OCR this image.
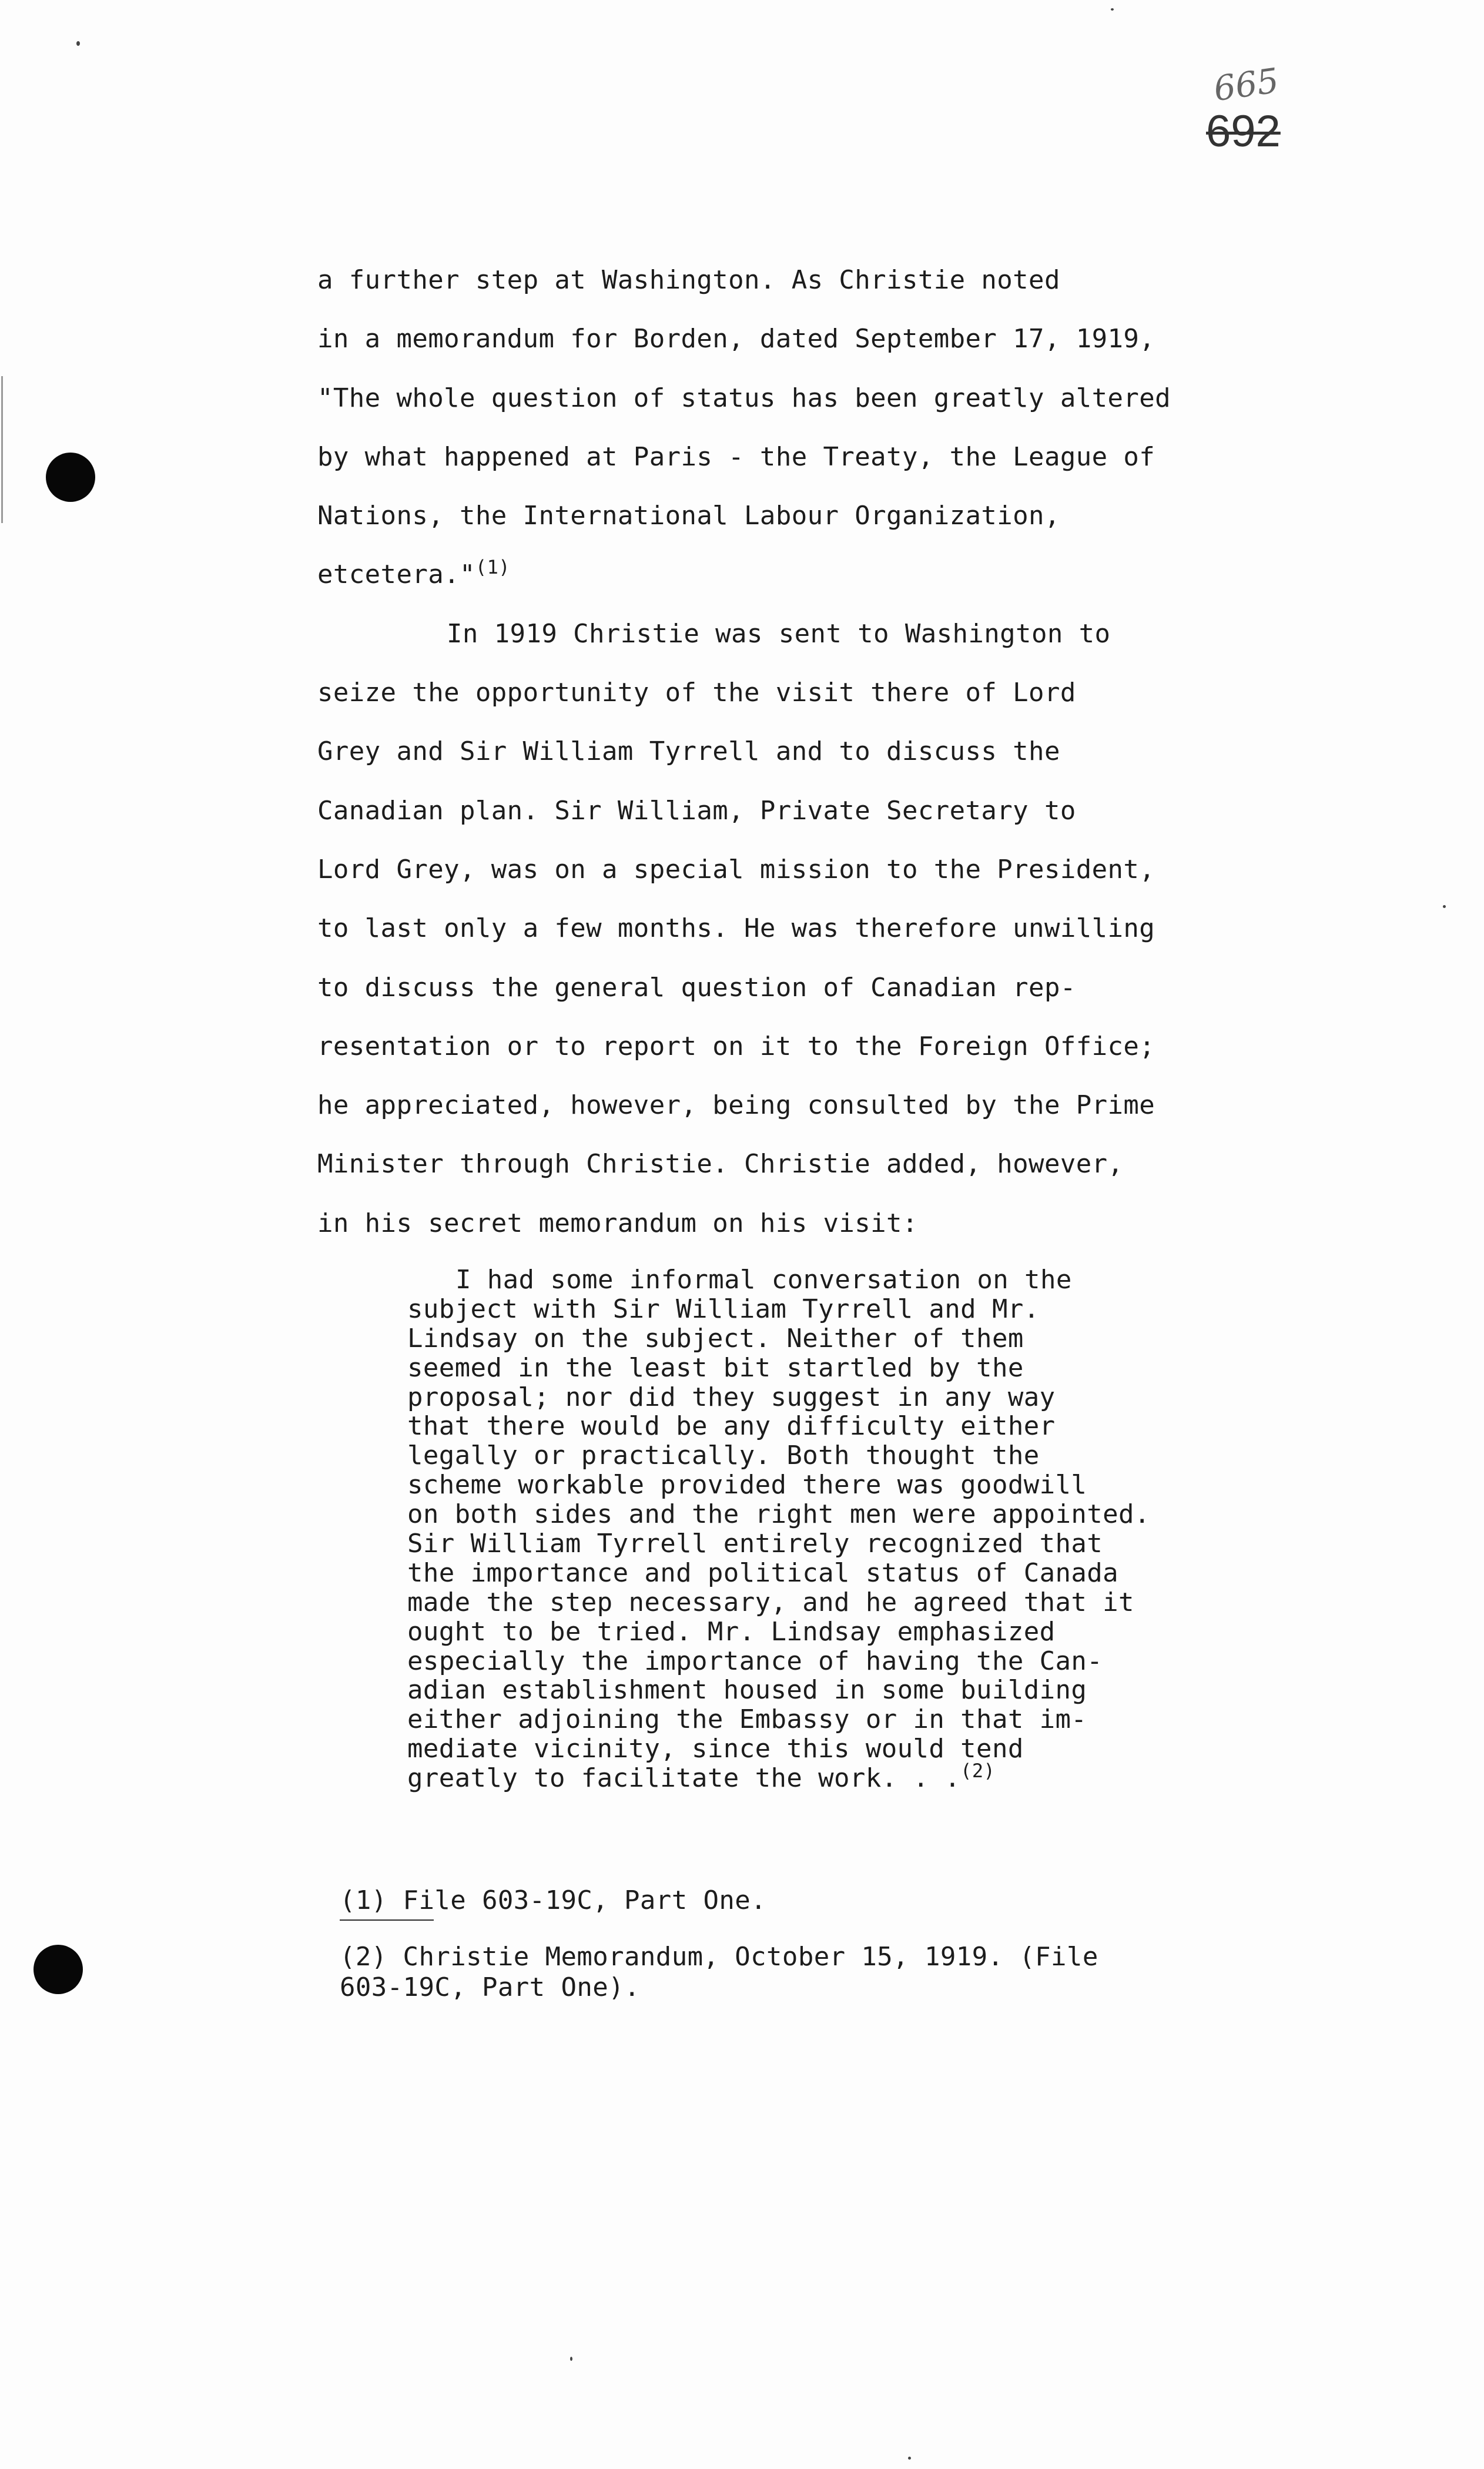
665
692
a further step at Washington. As Christie noted
in a memorandum for Borden, dated September 17, 1919,
"The whole question of status has been greatly altered
by what happened at Paris - the Treaty, the League of
Nations, the International Labour Organization,
etcetera."$^{(1)}$
In 1919 Christie was sent to Washington to
seize the opportunity of the visit there of Lord
Grey and Sir William Tyrrell and to discuss the
Canadian plan. Sir William, Private Secretary to
Lord Grey, was on a special mission to the President,
to last only a few months. He was therefore unwilling
to discuss the general question of Canadian rep-
resentation or to report on it to the Foreign Office;
he appreciated, however, being consulted by the Prime
Minister through Christie. Christie added, however,
in his secret memorandum on his visit:
I had some informal conversation on the
subject with Sir William Tyrrell and Mr.
Lindsay on the subject. Neither of them
seemed in the least bit startled by the
proposal; nor did they suggest in any way
that there would be any difficulty either
legally or practically. Both thought the
scheme workable provided there was goodwill
on both sides and the right men were appointed.
Sir William Tyrrell entirely recognized that
the importance and political status of Canada
made the step necessary, and he agreed that it
ought to be tried. Mr. Lindsay emphasized
especially the importance of having the Can-
adian establishment housed in some building
either adjoining the Embassy or in that im-
mediate vicinity, since this would tend
greatly to facilitate the work. . .$^{(2)}$
(1) File 603-19C, Part One.
(2) Christie Memorandum, October 15, 1919. (File
603-19C, Part One).
